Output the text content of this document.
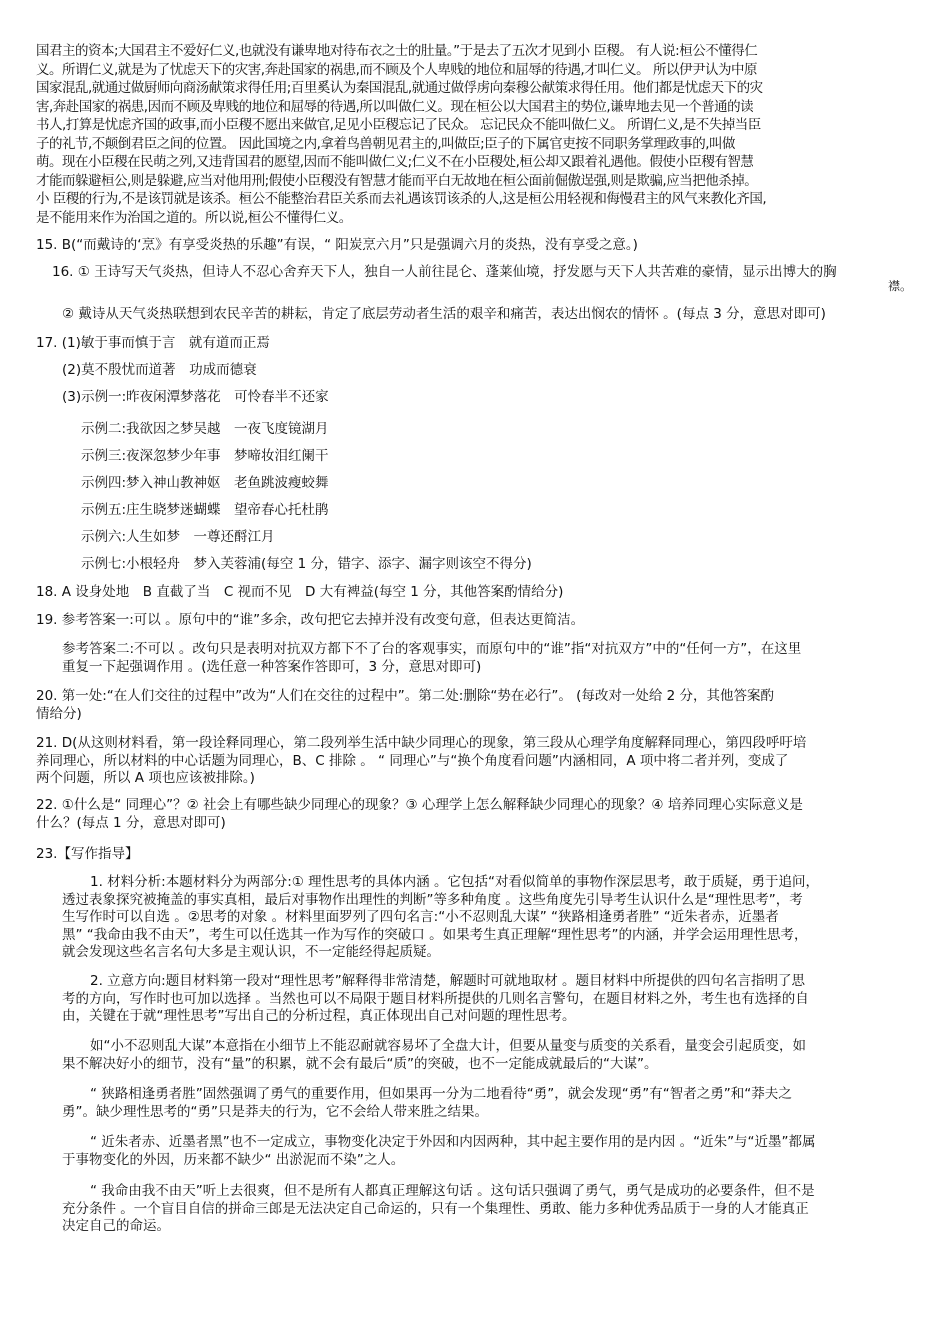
国君主的资本;大国君主不爱好仁义,也就没有谦卑地对待布衣之士的肚量。”于是去了五次才见到小 臣稷。 有人说:桓公不懂得仁
义。所谓仁义,就是为了忧虑天下的灾害,奔赴国家的祸患,而不顾及个人卑贱的地位和屈辱的待遇,才叫仁义。 所以伊尹认为中原
国家混乱,就通过做厨师向商汤献策求得任用;百里奚认为秦国混乱,就通过做俘虏向秦穆公献策求得任用。他们都是忧虑天下的灾
害,奔赴国家的祸患,因而不顾及卑贱的地位和屈辱的待遇,所以叫做仁义。现在桓公以大国君主的势位,谦卑地去见一个普通的读
书人,打算是忧虑齐国的政事,而小臣稷不愿出来做官,足见小臣稷忘记了民众。 忘记民众不能叫做仁义。 所谓仁义,是不失掉当臣
子的礼节,不颠倒君臣之间的位置。 因此国境之内,拿着鸟兽朝见君主的,叫做臣;臣子的下属官吏按不同职务掌理政事的,叫做
萌。现在小臣稷在民萌之列,又违背国君的愿望,因而不能叫做仁义;仁义不在小臣稷处,桓公却又跟着礼遇他。假使小臣稷有智慧
才能而躲避桓公,则是躲避,应当对他用刑;假使小臣稷没有智慧才能而平白无故地在桓公面前倔傲逞强,则是欺骗,应当把他杀掉。
小 臣稷的行为,不是该罚就是该杀。桓公不能整治君臣关系而去礼遇该罚该杀的人,这是桓公用轻视和侮慢君主的风气来教化齐国,
是不能用来作为治国之道的。所以说,桓公不懂得仁义。
15. B(“而戴诗的‘烹》有享受炎热的乐趣”有误，“ 阳炭烹六月”只是强调六月的炎热，没有享受之意。)
16. ① 王诗写天气炎热，但诗人不忍心舍弃天下人，独自一人前往昆仑、蓬莱仙境，抒发愿与天下人共苦难的豪情，显示出博大的胸
襟。
② 戴诗从天气炎热联想到农民辛苦的耕耘，肯定了底层劳动者生活的艰辛和痛苦，表达出悯农的情怀 。(每点 3 分，意思对即可)
17. (1)敏于事而慎于言　就有道而正焉
(2)莫不殷忧而道著　功成而德衰
(3)示例一:昨夜闲潭梦落花　可怜春半不还家
示例二:我欲因之梦吴越　一夜飞度镜湖月
示例三:夜深忽梦少年事　梦啼妆泪红阑干
示例四:梦入神山教神妪　老鱼跳波瘦蛟舞
示例五:庄生晓梦迷蝴蝶　望帝春心托杜鹃
示例六:人生如梦　一尊还酹江月
示例七:小根轻舟　梦入芙蓉浦(每空 1 分，错字、添字、漏字则该空不得分)
18. A 设身处地　B 直截了当　C 视而不见　D 大有裨益(每空 1 分，其他答案酌情给分)
19. 参考答案一:可以 。原句中的“谁”多余，改句把它去掉并没有改变句意，但表达更简洁。
参考答案二:不可以 。改句只是表明对抗双方都下不了台的客观事实，而原句中的“谁”指“对抗双方”中的“任何一方”，在这里
重复一下起强调作用 。(选任意一种答案作答即可，3 分，意思对即可)
20. 第一处:“在人们交往的过程中”改为“人们在交往的过程中”。第二处:删除“势在必行”。 (每改对一处给 2 分，其他答案酌
情给分)
21. D(从这则材料看，第一段诠释同理心，第二段列举生活中缺少同理心的现象，第三段从心理学角度解释同理心，第四段呼吁培
养同理心，所以材料的中心话题为同理心，B、C 排除 。 “ 同理心”与“换个角度看问题”内涵相同，A 项中将二者并列，变成了
两个问题，所以 A 项也应该被排除。)
22. ①什么是“ 同理心”？② 社会上有哪些缺少同理心的现象？③ 心理学上怎么解释缺少同理心的现象？④ 培养同理心实际意义是
什么？(每点 1 分，意思对即可)
23.【写作指导】
1. 材料分析:本题材料分为两部分:① 理性思考的具体内涵 。它包括“对看似简单的事物作深层思考，敢于质疑，勇于追问，
透过表象探究被掩盖的事实真相，最后对事物作出理性的判断”等多种角度 。这些角度先引导考生认识什么是“理性思考”，考
生写作时可以自选 。②思考的对象 。材料里面罗列了四句名言:“小不忍则乱大谋” “狭路相逢勇者胜” “近朱者赤，近墨者
黑” “我命由我不由天”，考生可以任选其一作为写作的突破口 。如果考生真正理解“理性思考”的内涵，并学会运用理性思考，
就会发现这些名言名句大多是主观认识，不一定能经得起质疑。
2. 立意方向:题目材料第一段对“理性思考”解释得非常清楚，解题时可就地取材 。题目材料中所提供的四句名言指明了思
考的方向，写作时也可加以选择 。当然也可以不局限于题目材料所提供的几则名言警句，在题目材料之外，考生也有选择的自
由，关键在于就“理性思考”写出自己的分析过程，真正体现出自己对问题的理性思考。
如“小不忍则乱大谋”本意指在小细节上不能忍耐就容易坏了全盘大计，但要从量变与质变的关系看，量变会引起质变，如
果不解决好小的细节，没有“量”的积累，就不会有最后“质”的突破，也不一定能成就最后的“大谋”。
“ 狭路相逢勇者胜”固然强调了勇气的重要作用，但如果再一分为二地看待“勇”，就会发现“勇”有“智者之勇”和“莽夫之
勇”。缺少理性思考的“勇”只是莽夫的行为，它不会给人带来胜之结果。
“ 近朱者赤、近墨者黑”也不一定成立，事物变化决定于外因和内因两种，其中起主要作用的是内因 。“近朱”与“近墨”都属
于事物变化的外因，历来都不缺少“ 出淤泥而不染”之人。
“ 我命由我不由天”听上去很爽，但不是所有人都真正理解这句话 。这句话只强调了勇气，勇气是成功的必要条件，但不是
充分条件 。一个盲目自信的拼命三郎是无法决定自己命运的，只有一个集理性、勇敢、能力多种优秀品质于一身的人才能真正
决定自己的命运。
